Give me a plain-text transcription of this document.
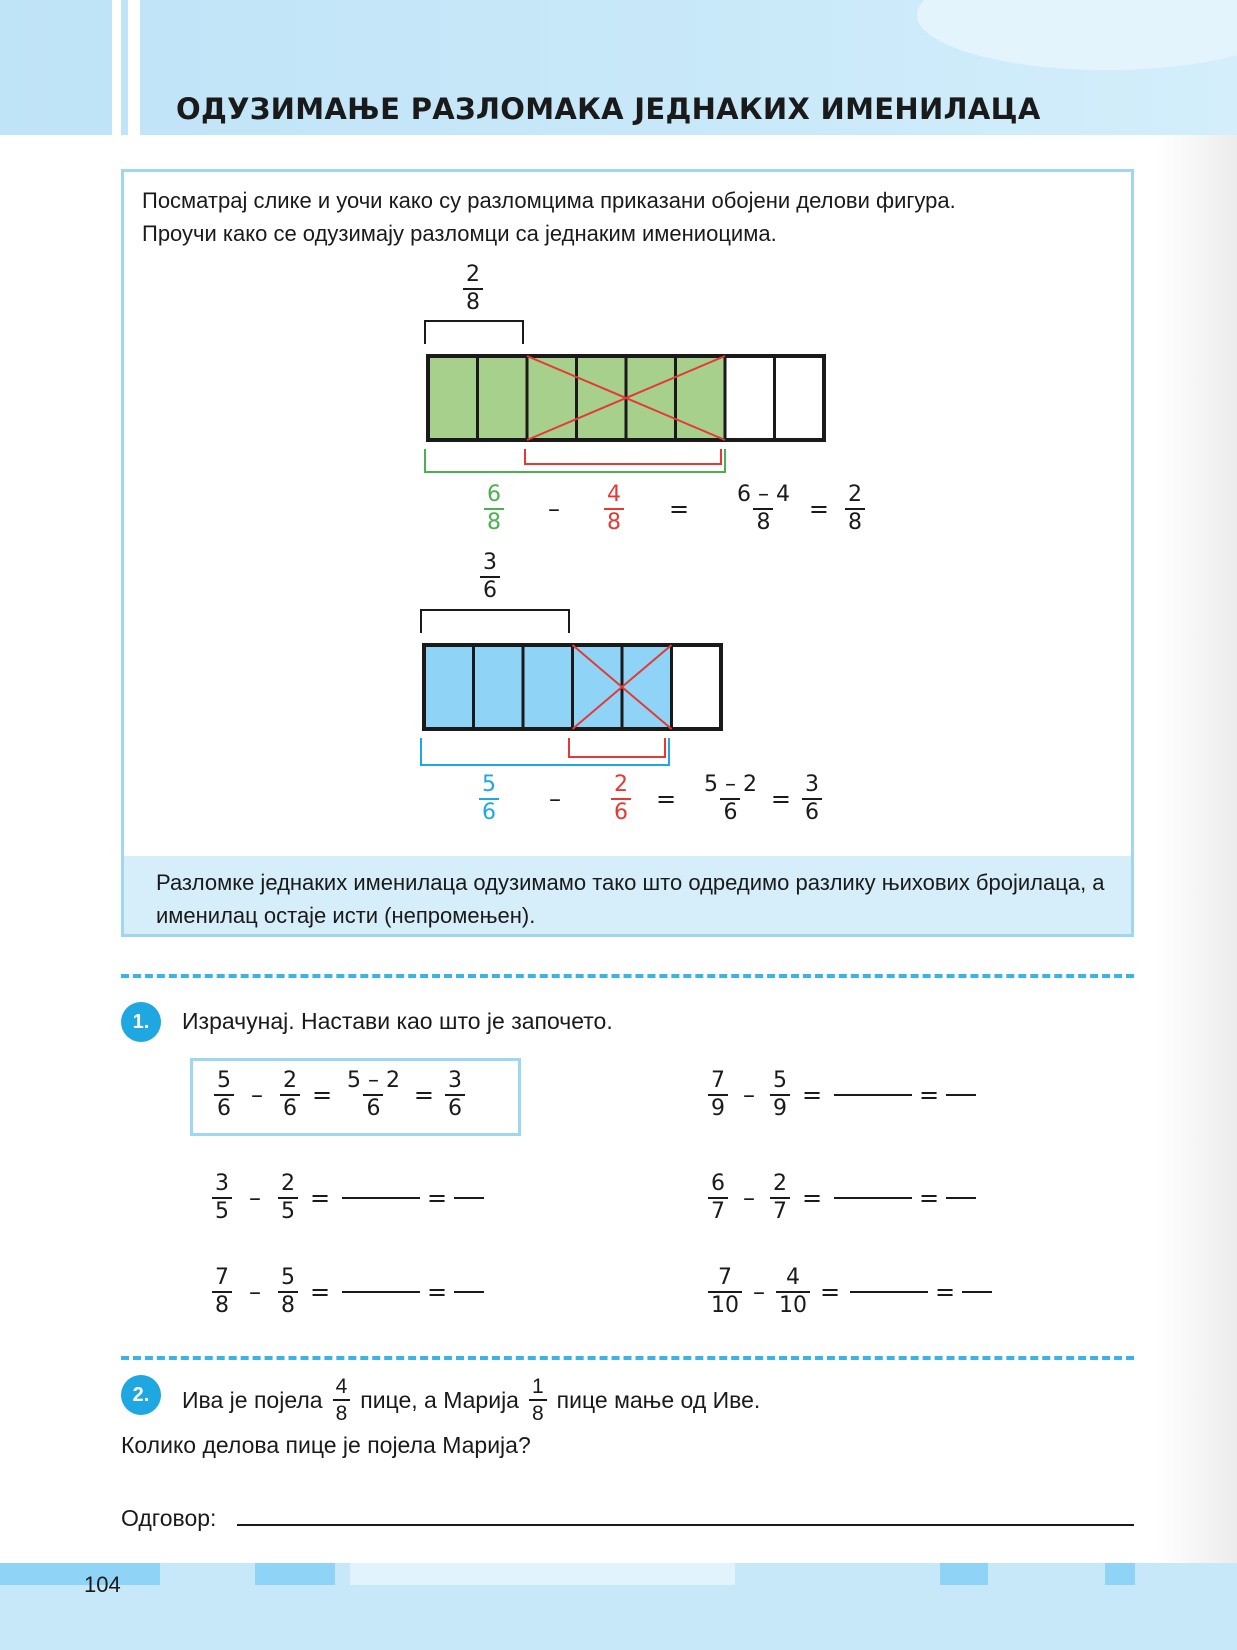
ОДУЗИМАЊЕ РАЗЛОМАКА ЈЕДНАКИХ ИМЕНИЛАЦА

Посматрај слике и уочи како су разломцима приказани обојени делови фигура.
Проучи како се одузимају разломци са једнаким имениоцима.

$\frac{2}{8}$
$\frac{6}{8}$	–	$\frac{4}{8}$	=	$\frac{6 - 4}{8} = \frac{2}{8}$
$\frac{3}{6}$
$\frac{5}{6}$	–	$\frac{2}{6}$	=	$\frac{5 - 2}{6} = \frac{3}{6}$
Разломке једнаких именилаца одузимамо тако што одредимо разлику њихових бројилаца, а именилац остаје исти (непромењен).
1.	Израчунај. Настави као што је започето.
$\frac{5}{6} - \frac{2}{6} = \frac{5 - 2}{6} = \frac{3}{6}$	$\frac{7}{9} - \frac{5}{9}$ =	=
$\frac{3}{5} - \frac{2}{5}$ =	=	$\frac{6}{7} - \frac{2}{7}$ =	=
$\frac{7}{8} - \frac{5}{8}$ =	=	$\frac{7}{10} - \frac{4}{10}$ =	=
2.	Ива је појела $\frac{4}{8}$ пице, а Марија $\frac{1}{8}$ пице мање од Иве.
Колико делова пице је појела Марија?
Одговор:
104
